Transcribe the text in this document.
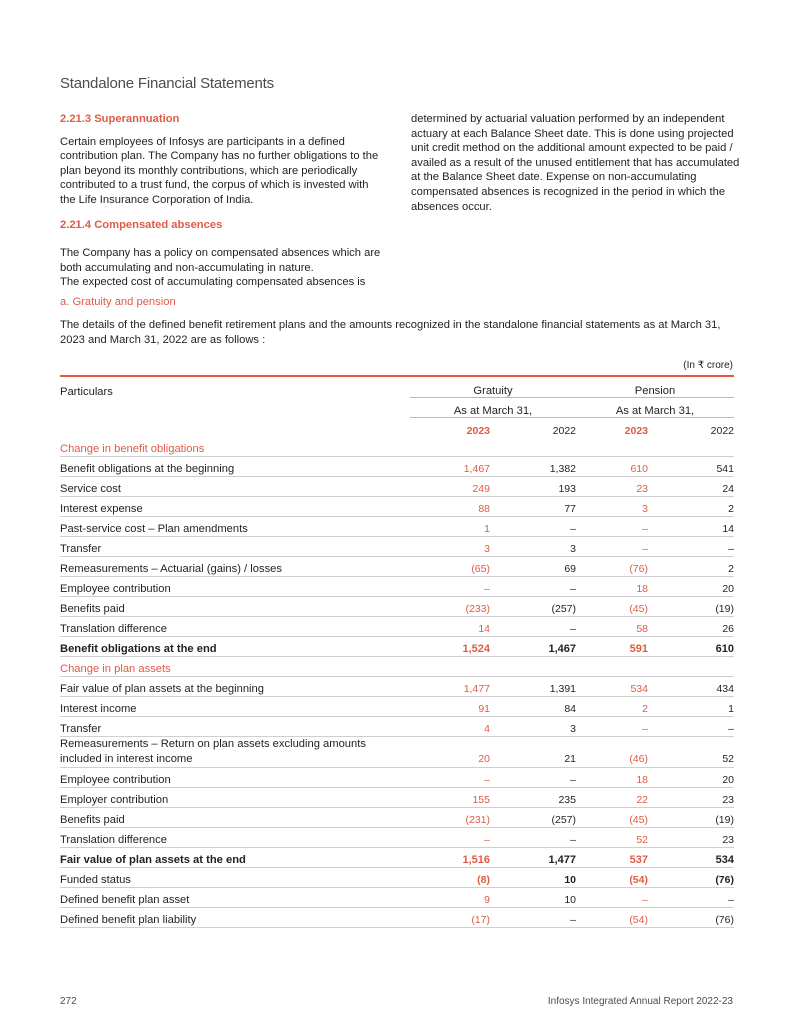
Standalone Financial Statements
2.21.3 Superannuation

Certain employees of Infosys are participants in a defined contribution plan. The Company has no further obligations to the plan beyond its monthly contributions, which are periodically contributed to a trust fund, the corpus of which is invested with the Life Insurance Corporation of India.

2.21.4 Compensated absences

The Company has a policy on compensated absences which are both accumulating and non-accumulating in nature.
The expected cost of accumulating compensated absences is

determined by actuarial valuation performed by an independent actuary at each Balance Sheet date. This is done using projected unit credit method on the additional amount expected to be paid / availed as a result of the unused entitlement that has accumulated at the Balance Sheet date. Expense on non-accumulating compensated absences is recognized in the period in which the absences occur.

a. Gratuity and pension
The details of the defined benefit retirement plans and the amounts recognized in the standalone financial statements as at March 31, 2023 and March 31, 2022 are as follows :
(In ₹ crore)

Particulars	Gratuity		Pension	
	As at March 31,		As at March 31,	
	2023	2022	2023	2022
Change in benefit obligations				
Benefit obligations at the beginning	1,467	1,382	610	541
Service cost	249	193	23	24
Interest expense	88	77	3	2
Past-service cost – Plan amendments	1	–	–	14
Transfer	3	3	–	–
Remeasurements – Actuarial (gains) / losses	(65)	69	(76)	2
Employee contribution	–	–	18	20
Benefits paid	(233)	(257)	(45)	(19)
Translation difference	14	–	58	26
Benefit obligations at the end	1,524	1,467	591	610
Change in plan assets				
Fair value of plan assets at the beginning	1,477	1,391	534	434
Interest income	91	84	2	1
Transfer	4	3	–	–
Remeasurements – Return on plan assets excluding amounts
included in interest income	20	21	(46)	52
Employee contribution	–	–	18	20
Employer contribution	155	235	22	23
Benefits paid	(231)	(257)	(45)	(19)
Translation difference	–	–	52	23
Fair value of plan assets at the end	1,516	1,477	537	534
Funded status	(8)	10	(54)	(76)
Defined benefit plan asset	9	10	–	–
Defined benefit plan liability	(17)	–	(54)	(76)
272	Infosys Integrated Annual Report 2022-23
